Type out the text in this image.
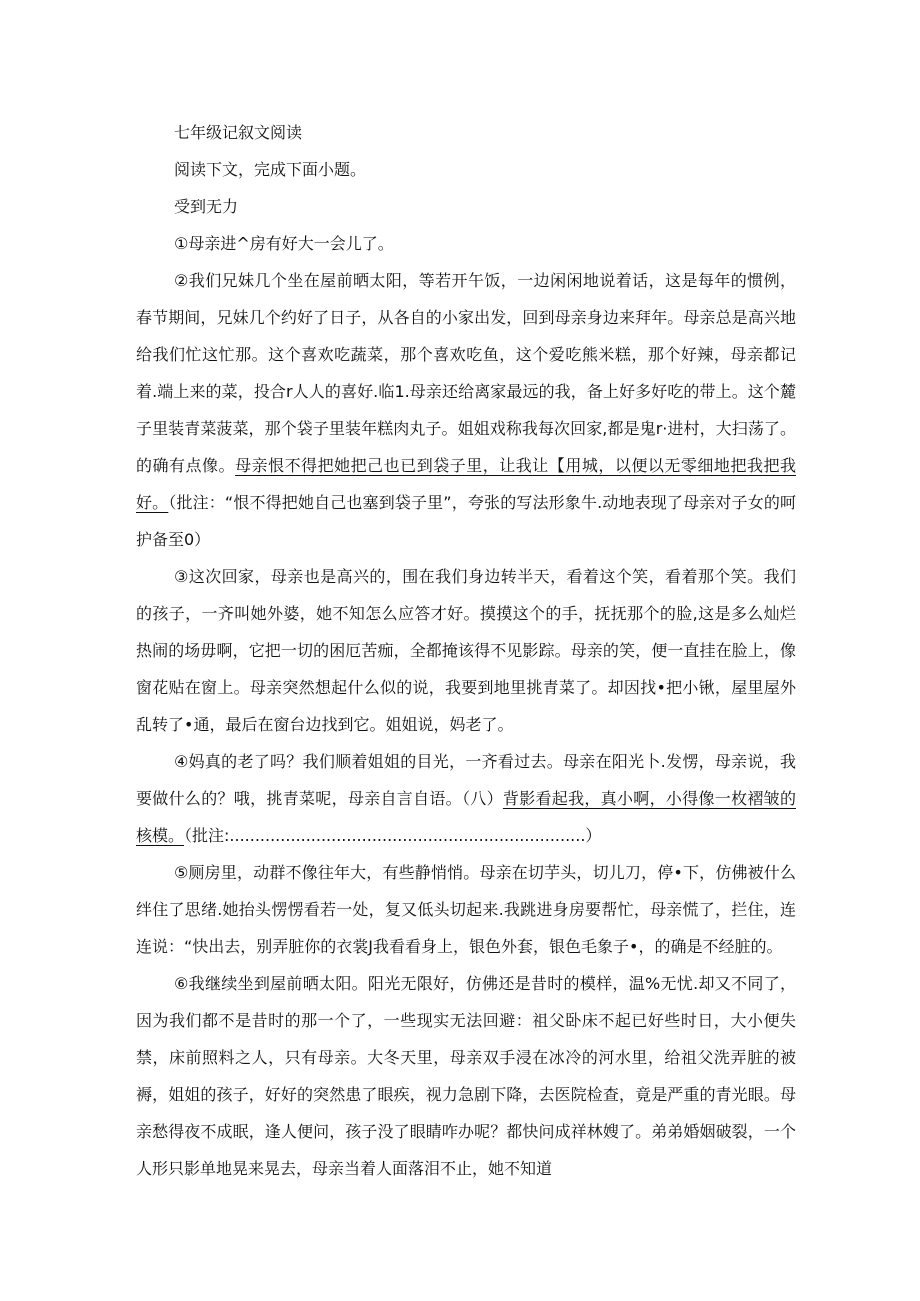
七年级记叙文阅读

阅读下文，完成下面小题。

受到无力

①母亲进^房有好大一会儿了。

②我们兄妹几个坐在屋前晒太阳，等若开午饭，一边闲闲地说着话，这是每年的惯例，春节期间，兄妹几个约好了日子，从各自的小家出发，回到母亲身边来拜年。母亲总是高兴地给我们忙这忙那。这个喜欢吃蔬菜，那个喜欢吃鱼，这个爱吃熊米糕，那个好辣，母亲都记着.端上来的菜，投合r人人的喜好.临1.母亲还给离家最远的我，备上好多好吃的带上。这个麓子里装青菜菠菜，那个袋子里装年糕肉丸子。姐姐戏称我每次回家,都是鬼r·进村，大扫荡了。的确有点像。母亲恨不得把她把己也已到袋子里，让我让【用城，以便以无零细地把我把我好。（批注：“恨不得把她自己也塞到袋子里”，夸张的写法形象牛.动地表现了母亲对子女的呵护备至0）

③这次回家，母亲也是高兴的，围在我们身边转半天，看着这个笑，看着那个笑。我们的孩子，一齐叫她外婆，她不知怎么应答才好。摸摸这个的手，抚抚那个的脸,这是多么灿烂热闹的场毋啊，它把一切的困厄苦痂，全都掩该得不见影踪。母亲的笑，便一直挂在脸上，像窗花贴在窗上。母亲突然想起什么似的说，我要到地里挑青菜了。却因找•把小锹，屋里屋外乱转了•通，最后在窗台边找到它。姐姐说，妈老了。

④妈真的老了吗？我们顺着姐姐的目光，一齐看过去。母亲在阳光卜.发愣，母亲说，我要做什么的？哦，挑青菜呢，母亲自言自语。（八）背影看起我，真小啊，小得像一枚褶皱的核模。（批注:......................................................................）

⑤厕房里，动群不像往年大，有些静悄悄。母亲在切芋头，切儿刀，停•下，仿佛被什么绊住了思绪.她抬头愣愣看若一处，复又低头切起来.我跳进身房要帮忙，母亲慌了，拦住，连连说：“快出去，别弄脏你的衣裳J我看看身上，银色外套，银色毛象子•，的确是不经脏的。

⑥我继续坐到屋前晒太阳。阳光无限好，仿佛还是昔时的模样，温%无忧.却又不同了，因为我们都不是昔时的那一个了，一些现实无法回避：祖父卧床不起已好些时日，大小便失禁，床前照料之人，只有母亲。大冬天里，母亲双手浸在冰冷的河水里，给祖父洗弄脏的被褥，姐姐的孩子，好好的突然患了眼疾，视力急剧下降，去医院检查，竟是严重的青光眼。母亲愁得夜不成眠，逢人便问，孩子没了眼睛咋办呢？都快问成祥林嫂了。弟弟婚姻破裂，一个人形只影单地晃来晃去，母亲当着人面落泪不止，她不知道
